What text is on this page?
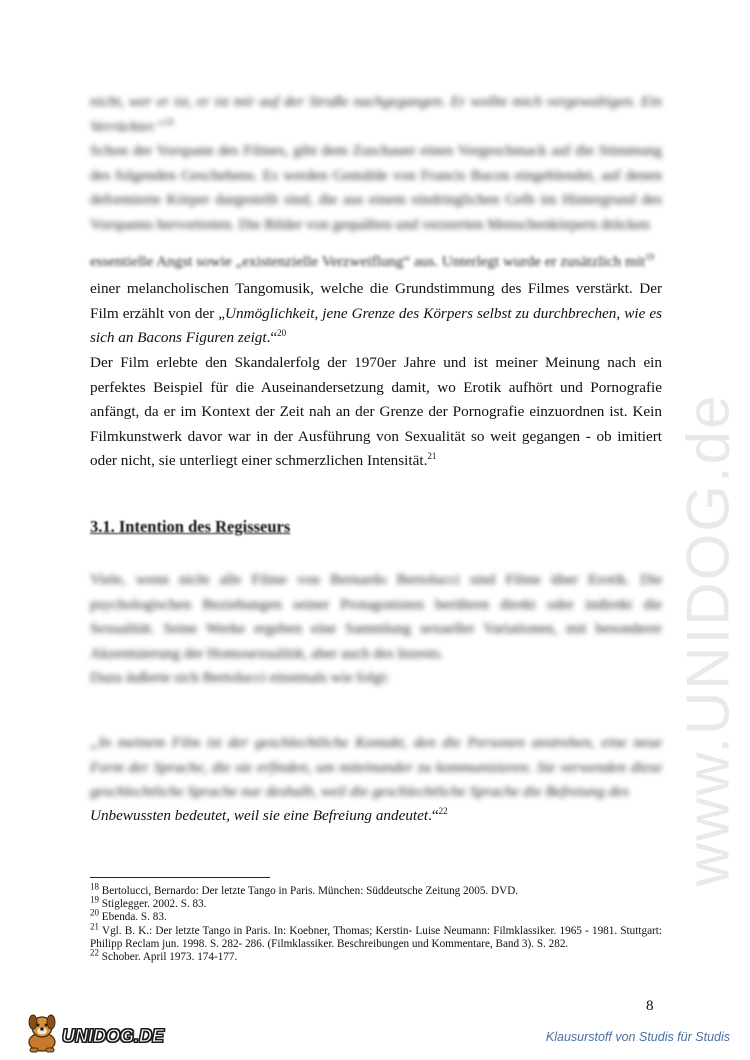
www.UNIDOG.de
nicht, wer er ist, er ist mir auf der Straße nachgegangen. Er wollte mich vergewaltigen. Ein Verrückter.“$^{18}$
Schon der Vorspann des Filmes, gibt dem Zuschauer einen Vorgeschmack auf die Stimmung des folgenden Geschehens. Es werden Gemälde von Francis Bacon eingeblendet, auf denen deformierte Körper dargestellt sind, die aus einem eindringlichen Gelb im Hintergrund des Vorspanns hervortreten. Die Bilder von gequälten und verzerrten Menschenkörpern drücken
essentielle Angst sowie „existenzielle Verzweiflung“ aus. Unterlegt wurde er zusätzlich mit$^{19}$
einer melancholischen Tangomusik, welche die Grundstimmung des Filmes verstärkt. Der Film erzählt von der „Unmöglichkeit, jene Grenze des Körpers selbst zu durchbrechen, wie es sich an Bacons Figuren zeigt.“$^{20}$
Der Film erlebte den Skandalerfolg der 1970er Jahre und ist meiner Meinung nach ein perfektes Beispiel für die Auseinandersetzung damit, wo Erotik aufhört und Pornografie anfängt, da er im Kontext der Zeit nah an der Grenze der Pornografie einzuordnen ist. Kein Filmkunstwerk davor war in der Ausführung von Sexualität so weit gegangen - ob imitiert oder nicht, sie unterliegt einer schmerzlichen Intensität.$^{21}$
3.1. Intention des Regisseurs
Viele, wenn nicht alle Filme von Bernardo Bertolucci sind Filme über Erotik. Die psychologischen Beziehungen seiner Protagonisten berühren direkt oder indirekt die Sexualität. Seine Werke ergeben eine Sammlung sexueller Variationen, mit besonderer Akzentuierung der Homosexualität, aber auch des Inzests.
Dazu äußerte sich Bertolucci einstmals wie folgt:
„In meinem Film ist der geschlechtliche Kontakt, den die Personen anstreben, eine neue Form der Sprache, die sie erfinden, um miteinander zu kommunizieren. Sie verwenden diese geschlechtliche Sprache nur deshalb, weil die geschlechtliche Sprache die Befreiung des
Unbewussten bedeutet, weil sie eine Befreiung andeutet.“$^{22}$

$^{18}$ Bertolucci, Bernardo: Der letzte Tango in Paris. München: Süddeutsche Zeitung 2005. DVD.

$^{19}$ Stiglegger. 2002. S. 83.

$^{20}$ Ebenda. S. 83.

$^{21}$ Vgl. B. K.: Der letzte Tango in Paris. In: Koebner, Thomas; Kerstin- Luise Neumann: Filmklassiker. 1965 - 1981. Stuttgart: Philipp Reclam jun. 1998. S. 282- 286. (Filmklassiker. Beschreibungen und Kommentare, Band 3). S. 282.

$^{22}$ Schober. April 1973. 174-177.

8
UNIDOG.DE	Klausurstoff von Studis für Studis
